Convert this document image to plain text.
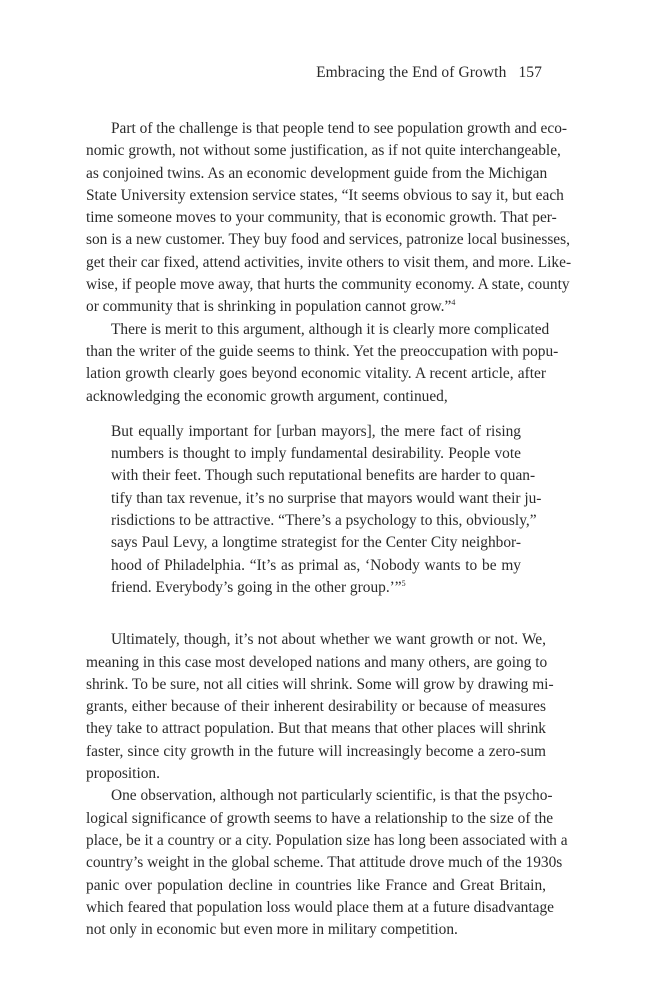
Embracing the End of Growth 157
Part of the challenge is that people tend to see population growth and eco-
nomic growth, not without some justification, as if not quite interchangeable,
as conjoined twins. As an economic development guide from the Michigan
State University extension service states, “It seems obvious to say it, but each
time someone moves to your community, that is economic growth. That per-
son is a new customer. They buy food and services, patronize local businesses,
get their car fixed, attend activities, invite others to visit them, and more. Like-
wise, if people move away, that hurts the community economy. A state, county
or community that is shrinking in population cannot grow.”$^4$
There is merit to this argument, although it is clearly more complicated
than the writer of the guide seems to think. Yet the preoccupation with popu-
lation growth clearly goes beyond economic vitality. A recent article, after
acknowledging the economic growth argument, continued,
But equally important for [urban mayors], the mere fact of rising
numbers is thought to imply fundamental desirability. People vote
with their feet. Though such reputational benefits are harder to quan-
tify than tax revenue, it’s no surprise that mayors would want their ju-
risdictions to be attractive. “There’s a psychology to this, obviously,”
says Paul Levy, a longtime strategist for the Center City neighbor-
hood of Philadelphia. “It’s as primal as, ‘Nobody wants to be my
friend. Everybody’s going in the other group.’”$^5$
Ultimately, though, it’s not about whether we want growth or not. We,
meaning in this case most developed nations and many others, are going to
shrink. To be sure, not all cities will shrink. Some will grow by drawing mi-
grants, either because of their inherent desirability or because of measures
they take to attract population. But that means that other places will shrink
faster, since city growth in the future will increasingly become a zero-sum
proposition.
One observation, although not particularly scientific, is that the psycho-
logical significance of growth seems to have a relationship to the size of the
place, be it a country or a city. Population size has long been associated with a
country’s weight in the global scheme. That attitude drove much of the 1930s
panic over population decline in countries like France and Great Britain,
which feared that population loss would place them at a future disadvantage
not only in economic but even more in military competition.
